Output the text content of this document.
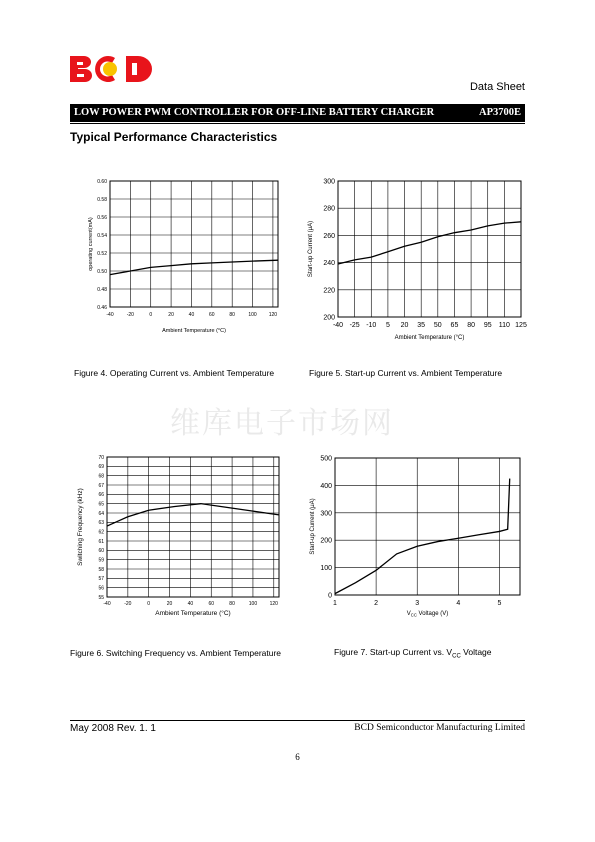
Data Sheet
LOW POWER PWM CONTROLLER FOR OFF-LINE BATTERY CHARGER	AP3700E
Typical Performance Characteristics
0.46
0.48
0.50
0.52
0.54
0.56
0.58
0.60
-40	-20	0	20	40	60	80	100 120
Ambient Temperature (°C)
operating current(mA)
200
220
240
260
280
300
-40 -25 -10 5 20 35 50 65 80 95 110 125
Ambient Temperature (°C)
Start-up Current (μA)
55
56
57
58
59
60
61
62
63
64
65
66
67
68
69
70
-40	-20	0	20	40	60	80	100	120
Ambient Temperature (°C)
Switching Frequency (kHz)
0
100
200
300
400
500
1	2	3	4	5
$V_{CC}$ Voltage (V)
Start-up Current (μA)
Figure 4. Operating Current vs. Ambient Temperature	Figure 5. Start-up Current vs. Ambient Temperature
Figure 6. Switching Frequency vs. Ambient Temperature	Figure 7. Start-up Current vs. $V_{CC}$ Voltage
维库电子市场网
May 2008 Rev. 1. 1	BCD Semiconductor Manufacturing Limited
6
